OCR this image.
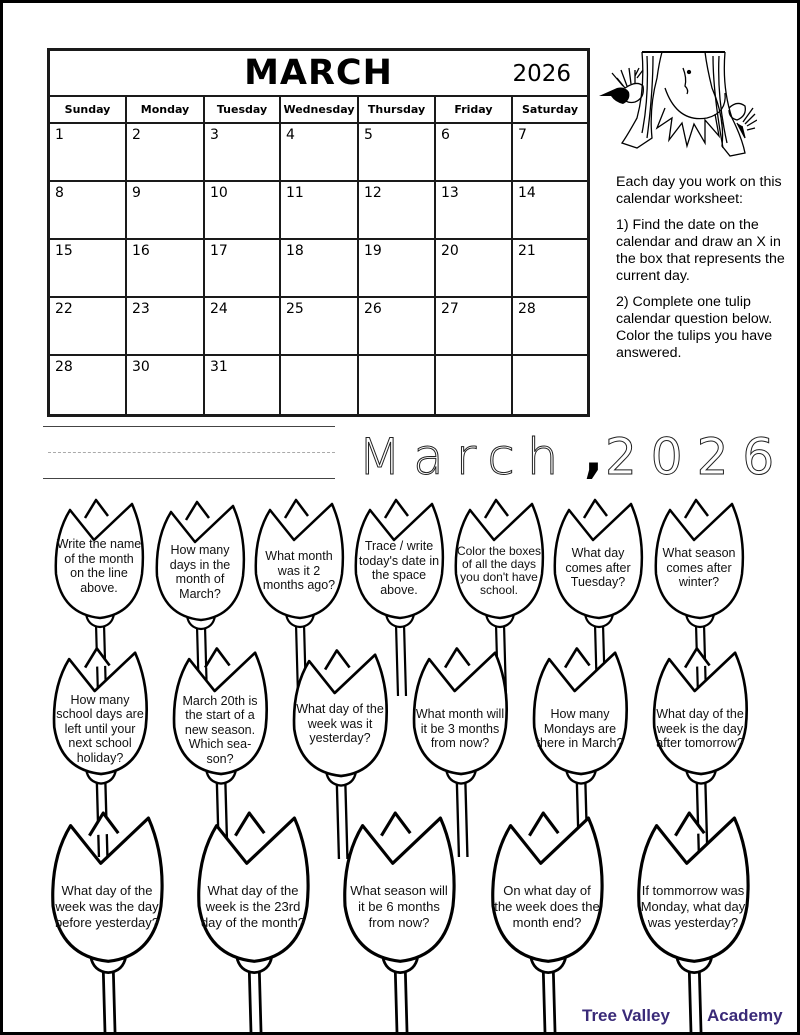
MARCH	2026
Sunday	Monday	Tuesday	Wednesday	Thursday	Friday	Saturday
1	2	3	4	5	6	7
8	9	10	11	12	13	14
15	16	17	18	19	20	21
22	23	24	25	26	27	28
28	30	31

Each day you work on this calendar worksheet:

1) Find the date on the calendar and draw an X in the box that represents the current day.

2) Complete one tulip calendar question below. Color the tulips you have answered.

March , 2026
Write the name of the month on the line above.
How many days in the month of March?
What month was it 2 months ago?
Trace / write today's date in the space above.
Color the boxes of all the days you don't have school.
What day comes after Tuesday?
What season comes after winter?
How many school days are left until your next school holiday?
March 20th is the start of a new season. Which sea- son?
What day of the week was it yesterday?
What month will it be 3 months from now?
How many Mondays are there in March?
What day of the week is the day after tomorrow?
What day of the week was the day before yesterday?
What day of the week is the 23rd day of the month?
What season will it be 6 months from now?
On what day of the week does the month end?
If tommorrow was Monday, what day was yesterday?
Tree Valley Academy
